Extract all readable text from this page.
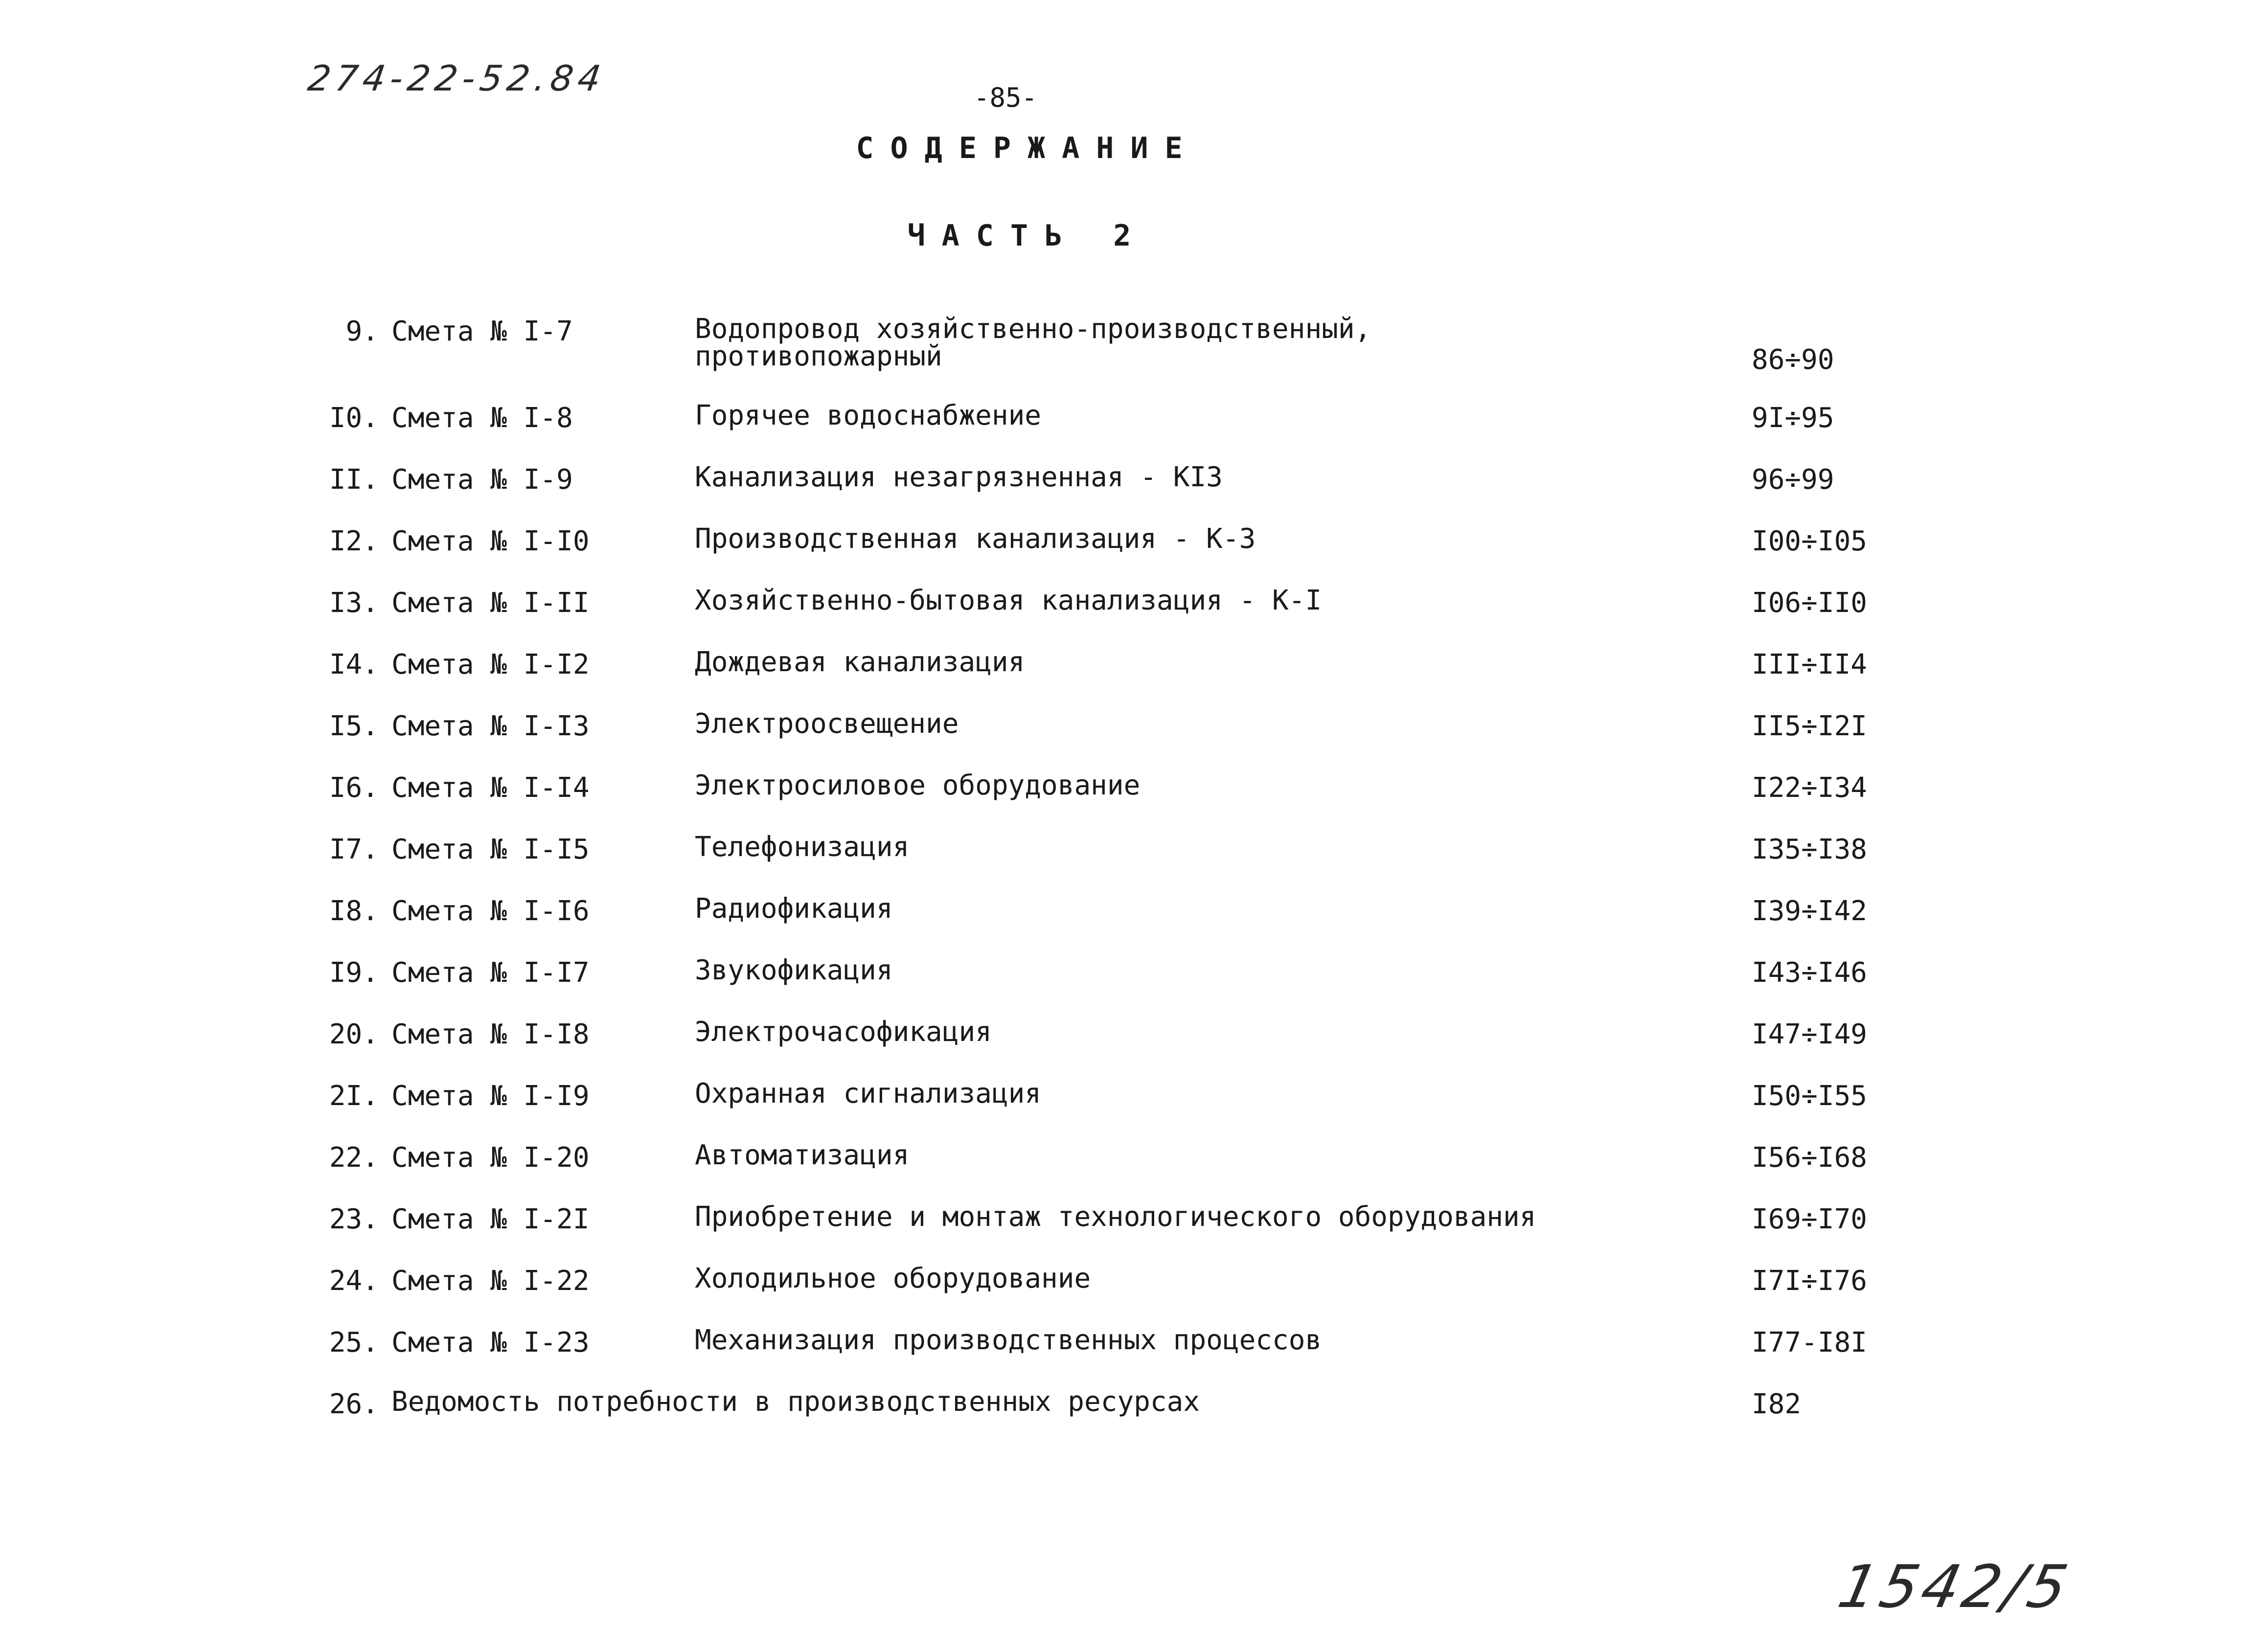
274-22-52.84	-85-
СОДЕРЖАНИЕ
ЧАСТЬ 2
9. Смета № I-7	Водопровод хозяйственно-производственный, противопожарный	86÷90
I0. Смета № I-8	Горячее водоснабжение	9I÷95
II. Смета № I-9	Канализация незагрязненная - КI3	96÷99
I2. Смета № I-I0	Производственная канализация - К-3	I00÷I05
I3. Смета № I-II	Хозяйственно-бытовая канализация - К-I	I06÷II0
I4. Смета № I-I2	Дождевая канализация	III÷II4
I5. Смета № I-I3	Электроосвещение	II5÷I2I
I6. Смета № I-I4	Электросиловое оборудование	I22÷I34
I7. Смета № I-I5	Телефонизация	I35÷I38
I8. Смета № I-I6	Радиофикация	I39÷I42
I9. Смета № I-I7	Звукофикация	I43÷I46
20. Смета № I-I8	Электрочасофикация	I47÷I49
2I. Смета № I-I9	Охранная сигнализация	I50÷I55
22. Смета № I-20	Автоматизация	I56÷I68
23. Смета № I-2I	Приобретение и монтаж технологического оборудования	I69÷I70
24. Смета № I-22	Холодильное оборудование	I7I÷I76
25. Смета № I-23	Механизация производственных процессов	I77-I8I
26. Ведомость потребности в производственных ресурсах	I82
1542/5
